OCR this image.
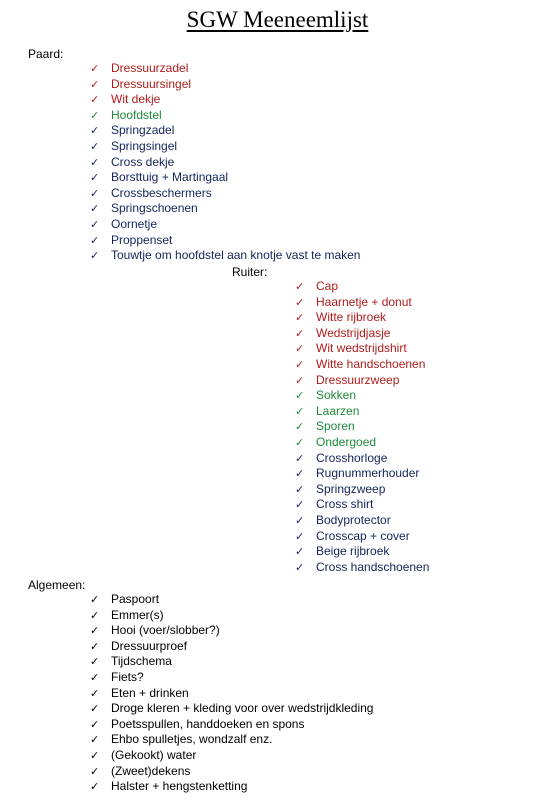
SGW Meeneemlijst
Paard:
✓ Dressuurzadel
✓ Dressuursingel
✓ Wit dekje
✓ Hoofdstel
✓ Springzadel
✓ Springsingel
✓ Cross dekje
✓ Borsttuig + Martingaal
✓ Crossbeschermers
✓ Springschoenen
✓ Oornetje
✓ Proppenset
✓ Touwtje om hoofdstel aan knotje vast te maken
Ruiter:
✓ Cap
✓ Haarnetje + donut
✓ Witte rijbroek
✓ Wedstrijdjasje
✓ Wit wedstrijdshirt
✓ Witte handschoenen
✓ Dressuurzweep
✓ Sokken
✓ Laarzen
✓ Sporen
✓ Ondergoed
✓ Crosshorloge
✓ Rugnummerhouder
✓ Springzweep
✓ Cross shirt
✓ Bodyprotector
✓ Crosscap + cover
✓ Beige rijbroek
✓ Cross handschoenen
Algemeen:
✓ Paspoort
✓ Emmer(s)
✓ Hooi (voer/slobber?)
✓ Dressuurproef
✓ Tijdschema
✓ Fiets?
✓ Eten + drinken
✓ Droge kleren + kleding voor over wedstrijdkleding
✓ Poetsspullen, handdoeken en spons
✓ Ehbo spulletjes, wondzalf enz.
✓ (Gekookt) water
✓ (Zweet)dekens
✓ Halster + hengstenketting
